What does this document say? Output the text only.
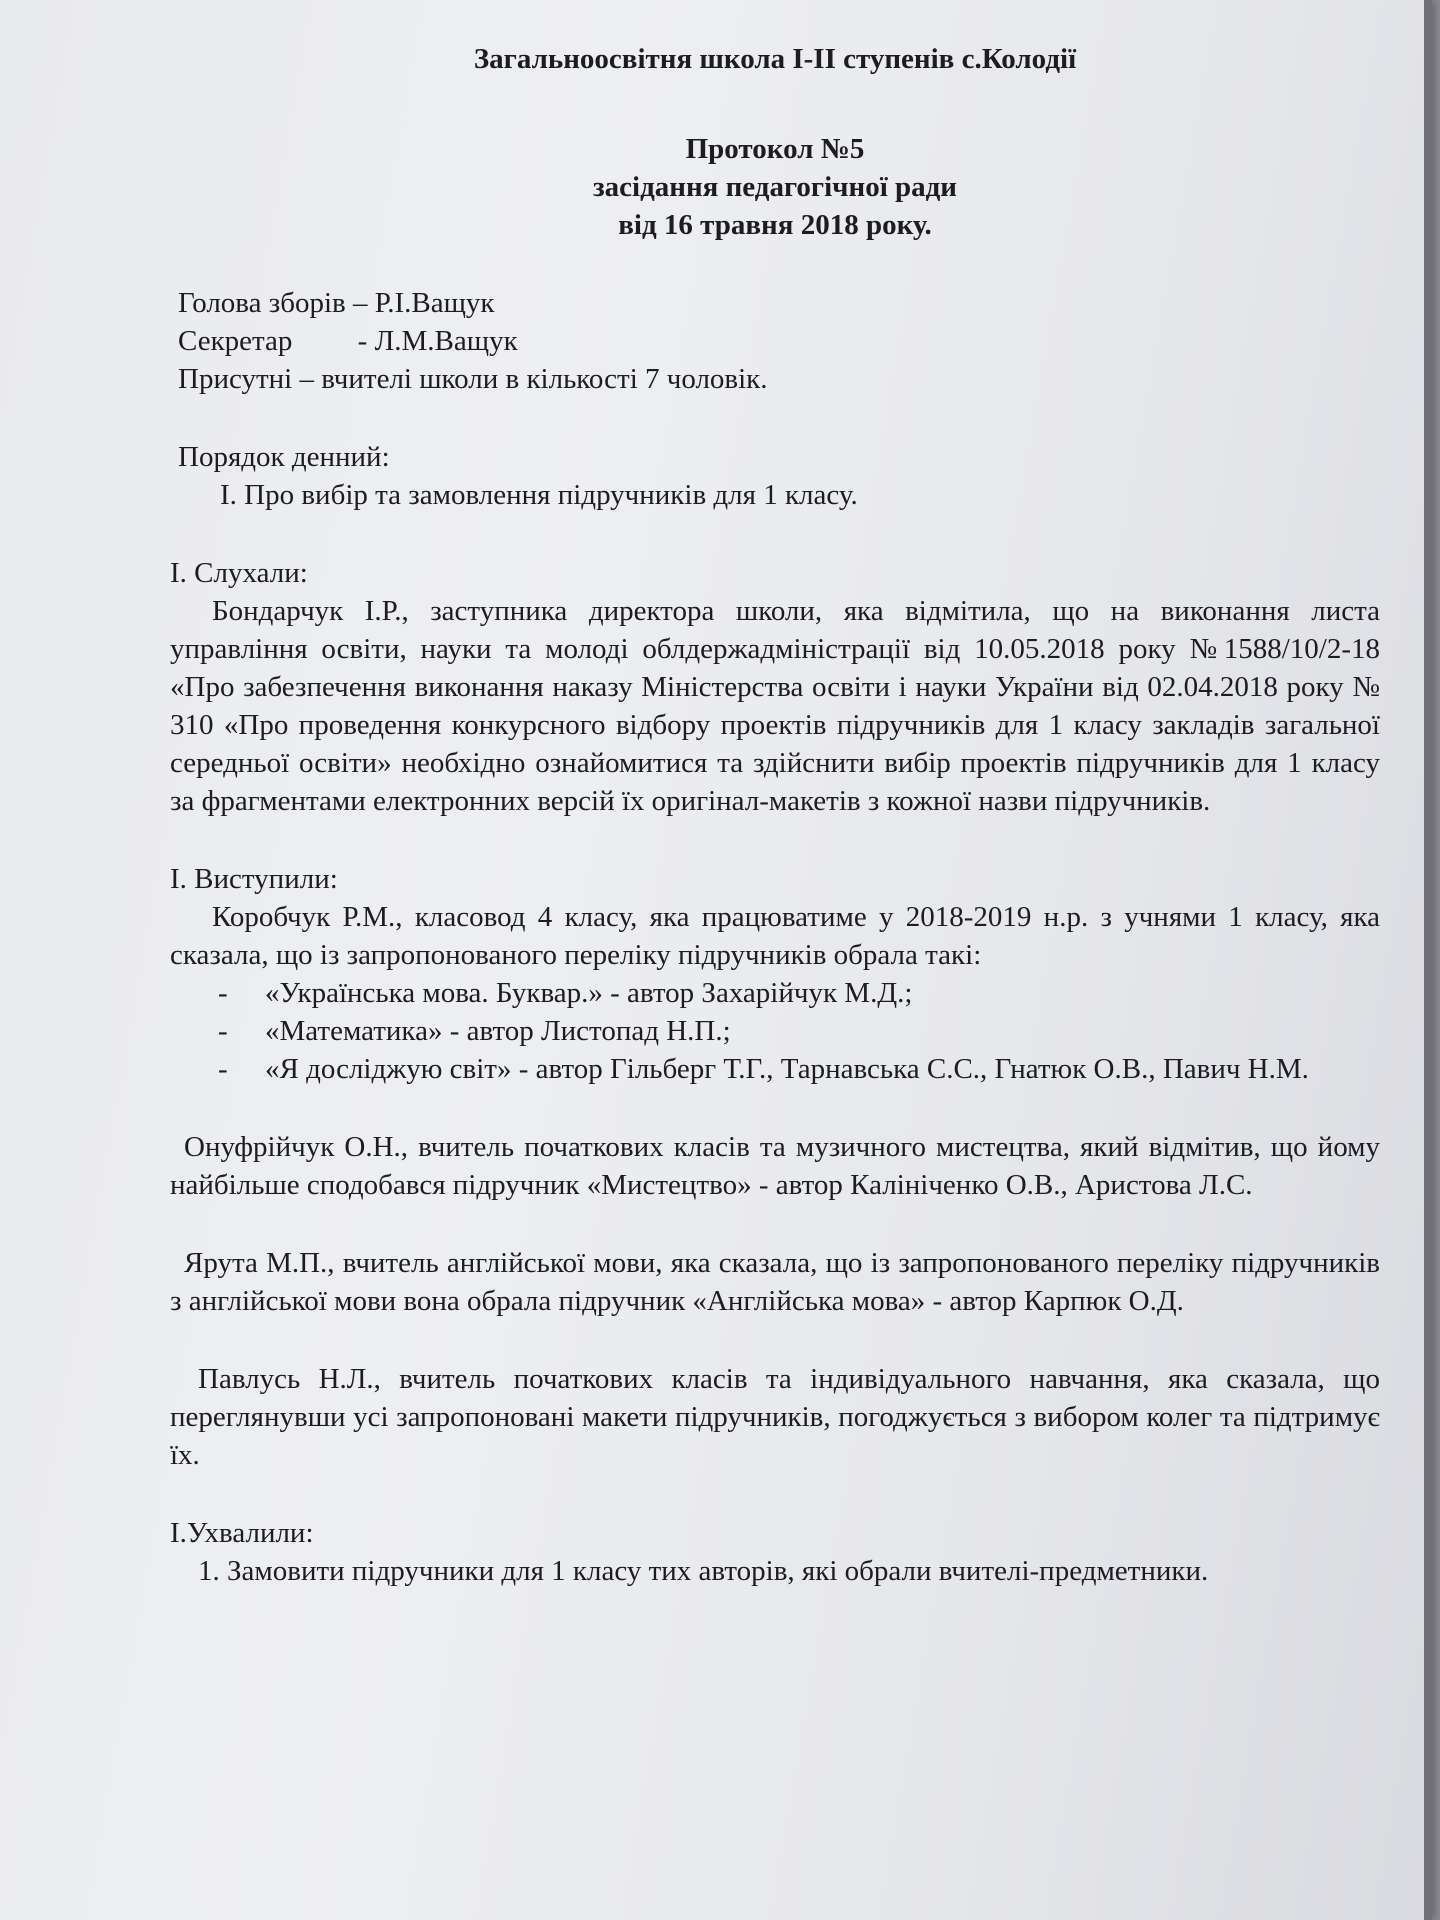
Загальноосвітня школа І-ІІ ступенів с.Колодії

Протокол №5

засідання педагогічної ради

від 16 травня 2018 року.

Голова зборів – Р.І.Ващук

Секретар         - Л.М.Ващук

Присутні – вчителі школи в кількості 7 чоловік.

Порядок денний:

І. Про вибір та замовлення підручників для 1 класу.

І. Слухали:

Бондарчук І.Р., заступника директора школи, яка відмітила, що на виконання листа управління освіти, науки та молоді облдержадміністрації від 10.05.2018 року №1588/10/2-18 «Про забезпечення виконання наказу Міністерства освіти і науки України від 02.04.2018 року № 310 «Про проведення конкурсного відбору проектів підручників для 1 класу закладів загальної середньої освіти» необхідно ознайомитися та здійснити вибір проектів підручників для 1 класу за фрагментами електронних версій їх оригінал-макетів з кожної назви підручників.

І. Виступили:

Коробчук Р.М., класовод 4 класу, яка працюватиме у 2018-2019 н.р. з учнями 1 класу, яка сказала, що із запропонованого переліку підручників обрала такі:

- «Українська мова. Буквар.» - автор Захарійчук М.Д.;
- «Математика» - автор Листопад Н.П.;
- «Я досліджую світ» - автор Гільберг Т.Г., Тарнавська С.С., Гнатюк О.В., Павич Н.М.

Онуфрійчук О.Н., вчитель початкових класів та музичного мистецтва, який відмітив, що йому найбільше сподобався підручник «Мистецтво» - автор Калініченко О.В., Аристова Л.С.

Ярута М.П., вчитель англійської мови, яка сказала, що із запропонованого переліку підручників з англійської мови вона обрала підручник «Англійська мова» - автор Карпюк О.Д.

Павлусь Н.Л., вчитель початкових класів та індивідуального навчання, яка сказала, що переглянувши усі запропоновані макети підручників, погоджується з вибором колег та підтримує їх.

І.Ухвалили:

1. Замовити підручники для 1 класу тих авторів, які обрали вчителі-предметники.
